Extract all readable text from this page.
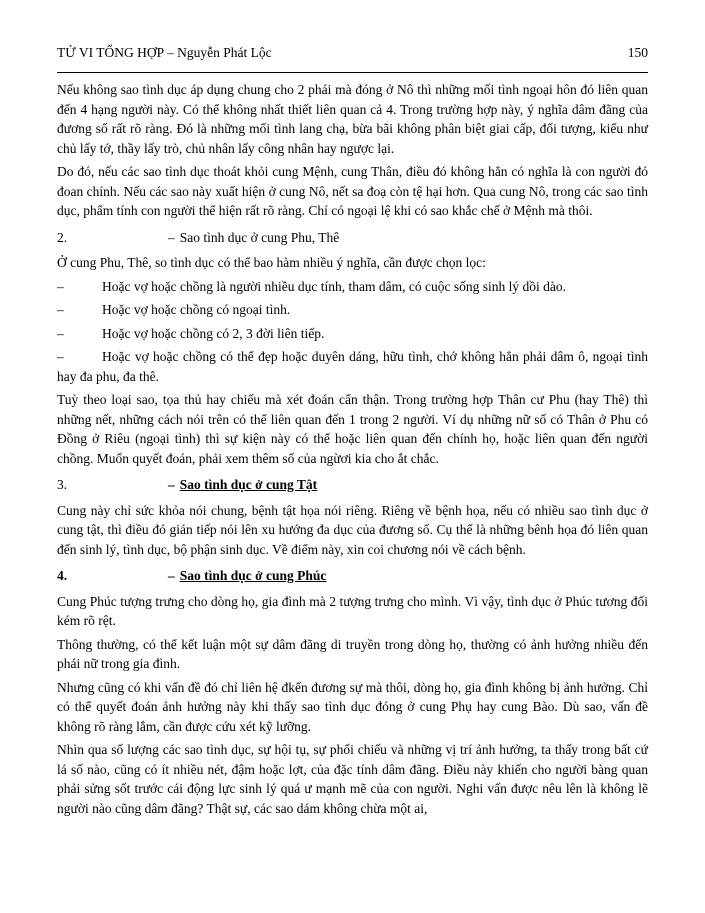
TỬ VI TỔNG HỢP – Nguyễn Phát Lộc	150

Nếu không sao tình dục áp dụng chung cho 2 phái mà đóng ở Nô thì những mối tình ngoại hôn đó liên quan đến 4 hạng người này. Có thể không nhất thiết liên quan cả 4. Trong trường hợp này, ý nghĩa dâm đãng của đương số rất rõ ràng. Đó là những mối tình lang chạ, bừa bãi không phân biệt giai cấp, đối tượng, kiểu như chủ lấy tớ, thầy lấy trò, chủ nhân lấy công nhân hay ngược lại.

Do đó, nếu các sao tình dục thoát khỏi cung Mệnh, cung Thân, điều đó không hẳn có nghĩa là con người đó đoan chính. Nếu các sao này xuất hiện ở cung Nô, nết sa đoạ còn tệ hại hơn. Qua cung Nô, trong các sao tình dục, phẩm tính con người thể hiện rất rõ ràng. Chí có ngoại lệ khi có sao khắc chế ở Mệnh mà thôi.

2.	– Sao tình dục ở cung Phu, Thê

Ở cung Phu, Thê, so tình dục có thể bao hàm nhiều ý nghĩa, cần được chọn lọc:

–	Hoặc vợ hoặc chồng là người nhiều dục tính, tham dâm, có cuộc sống sinh lý dồi dào.

–	Hoặc vợ hoặc chồng có ngoại tình.

–	Hoặc vợ hoặc chồng có 2, 3 đời liên tiếp.

–	Hoặc vợ hoặc chồng có thể đẹp hoặc duyên dáng, hữu tình, chớ không hẳn phải dâm ô, ngoại tình hay đa phu, đa thê.

Tuỳ theo loại sao, tọa thủ hay chiếu mà xét đoán cẩn thận. Trong trường hợp Thân cư Phu (hay Thê) thì những nết, những cách nói trên có thể liên quan đến 1 trong 2 người. Ví dụ những nữ số có Thân ở Phu có Đồng ở Riêu (ngoại tình) thì sự kiện này có thể hoặc liên quan đến chính họ, hoặc liên quan đến người chồng. Muốn quyết đoán, phải xem thêm số của ngừơi kia cho ắt chắc.

3.	– Sao tình dục ở cung Tật

Cung này chỉ sức khỏa nói chung, bệnh tật họa nói riêng. Riêng về bệnh họa, nếu có nhiều sao tình dục ở cung tật, thì điều đó gián tiếp nói lên xu hướng đa dục của đương số. Cụ thể là những bênh họa đó liên quan đến sinh lý, tình dục, bộ phận sinh dục. Về điểm này, xin coi chương nói về cách bệnh.

4.	– Sao tình dục ở cung Phúc

Cung Phúc tượng trưng cho dòng họ, gia đình mà 2 tượng trưng cho mình. Vì vậy, tình dục ở Phúc tương đối kém rõ rệt.

Thông thường, có thể kết luận một sự dâm đãng di truyền trong dòng họ, thường có ảnh hưởng nhiều đến phái nữ trong gia đình.

Nhưng cũng có khi vấn đề đó chỉ liên hệ đkến đương sự mà thôi, dòng họ, gia đình không bị ảnh hưởng. Chỉ có thể quyết đoán ảnh hưởng này khi thấy sao tình dục đóng ở cung Phụ hay cung Bào. Dù sao, vấn đề không rõ ràng lắm, cần được cứu xét kỹ lưỡng.

Nhìn qua số lượng các sao tình dục, sự hội tụ, sự phối chiếu và những vị trí ảnh hưởng, ta thấy trong bất cứ lá số nào, cũng có ít nhiều nét, đậm hoặc lợt, của đặc tính dâm đãng. Điều này khiến cho người bàng quan phải sửng sốt trước cái động lực sinh lý quá ư mạnh mẽ của con người. Nghi vấn được nêu lên là không lẽ người nào cũng dâm đãng? Thật sự, các sao dám không chừa một ai,
